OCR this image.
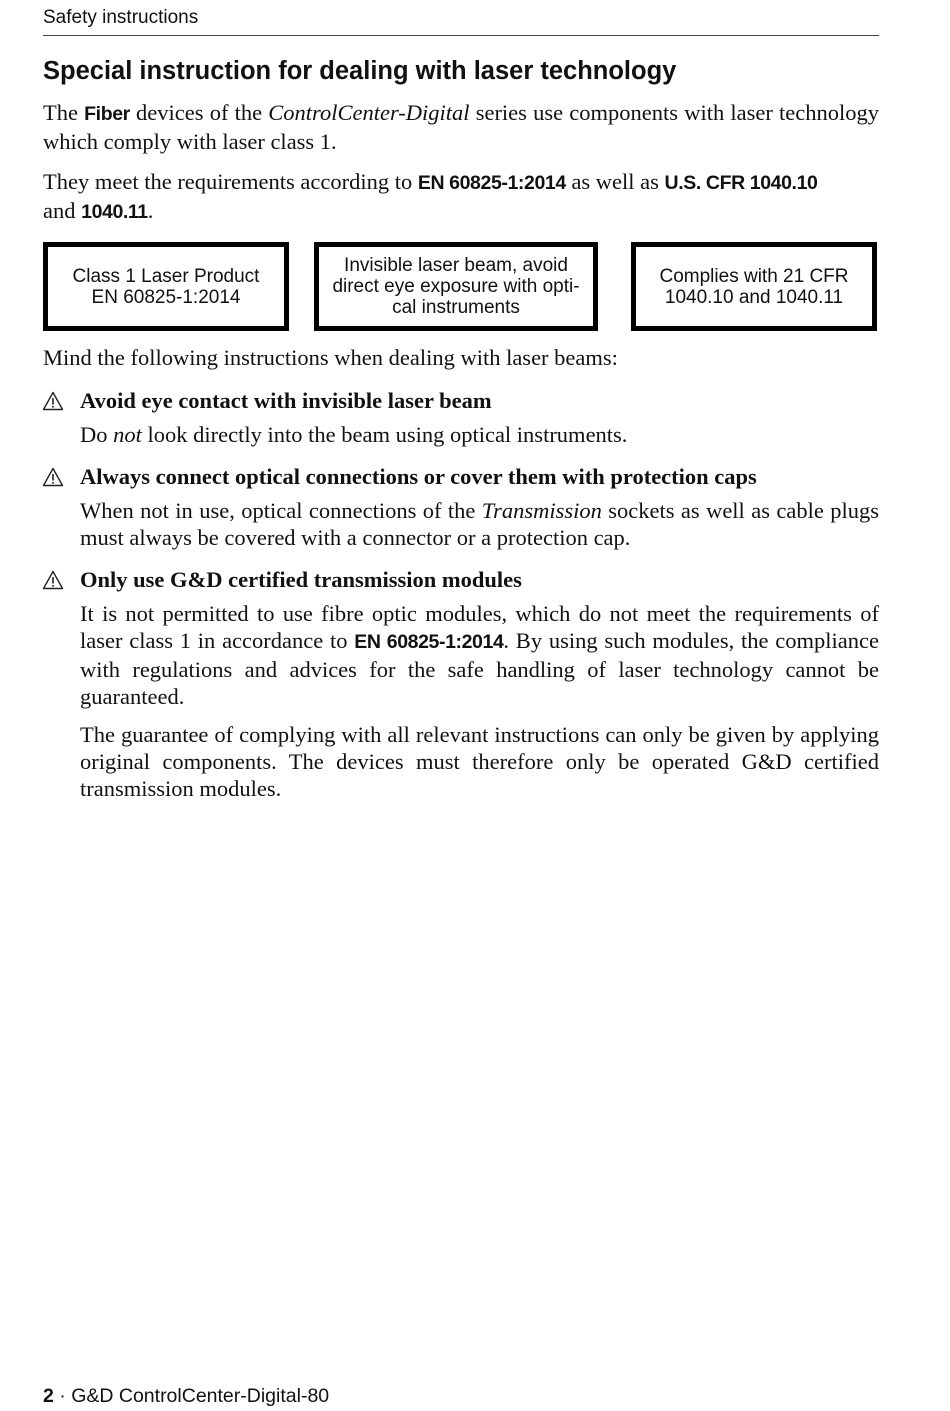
Safety instructions
Special instruction for dealing with laser technology
The Fiber devices of the ControlCenter-Digital series use components with laser technology which comply with laser class 1.
They meet the requirements according to EN 60825-1:2014 as well as U.S. CFR 1040.10
and 1040.11.
Class 1 Laser Product
EN 60825-1:2014
Invisible laser beam, avoid
direct eye exposure with opti-
cal instruments
Complies with 21 CFR
1040.10 and 1040.11
Mind the following instructions when dealing with laser beams:
Avoid eye contact with invisible laser beam
Do not look directly into the beam using optical instruments.
Always connect optical connections or cover them with protection caps
When not in use, optical connections of the Transmission sockets as well as cable plugs must always be covered with a connector or a protection cap.
Only use G&D certified transmission modules
It is not permitted to use fibre optic modules, which do not meet the requirements of laser class 1 in accordance to EN 60825-1:2014. By using such modules, the compliance with regulations and advices for the safe handling of laser technology cannot be guaranteed.
The guarantee of complying with all relevant instructions can only be given by applying original components. The devices must therefore only be operated G&D certified transmission modules.
2 · G&D ControlCenter-Digital-80
